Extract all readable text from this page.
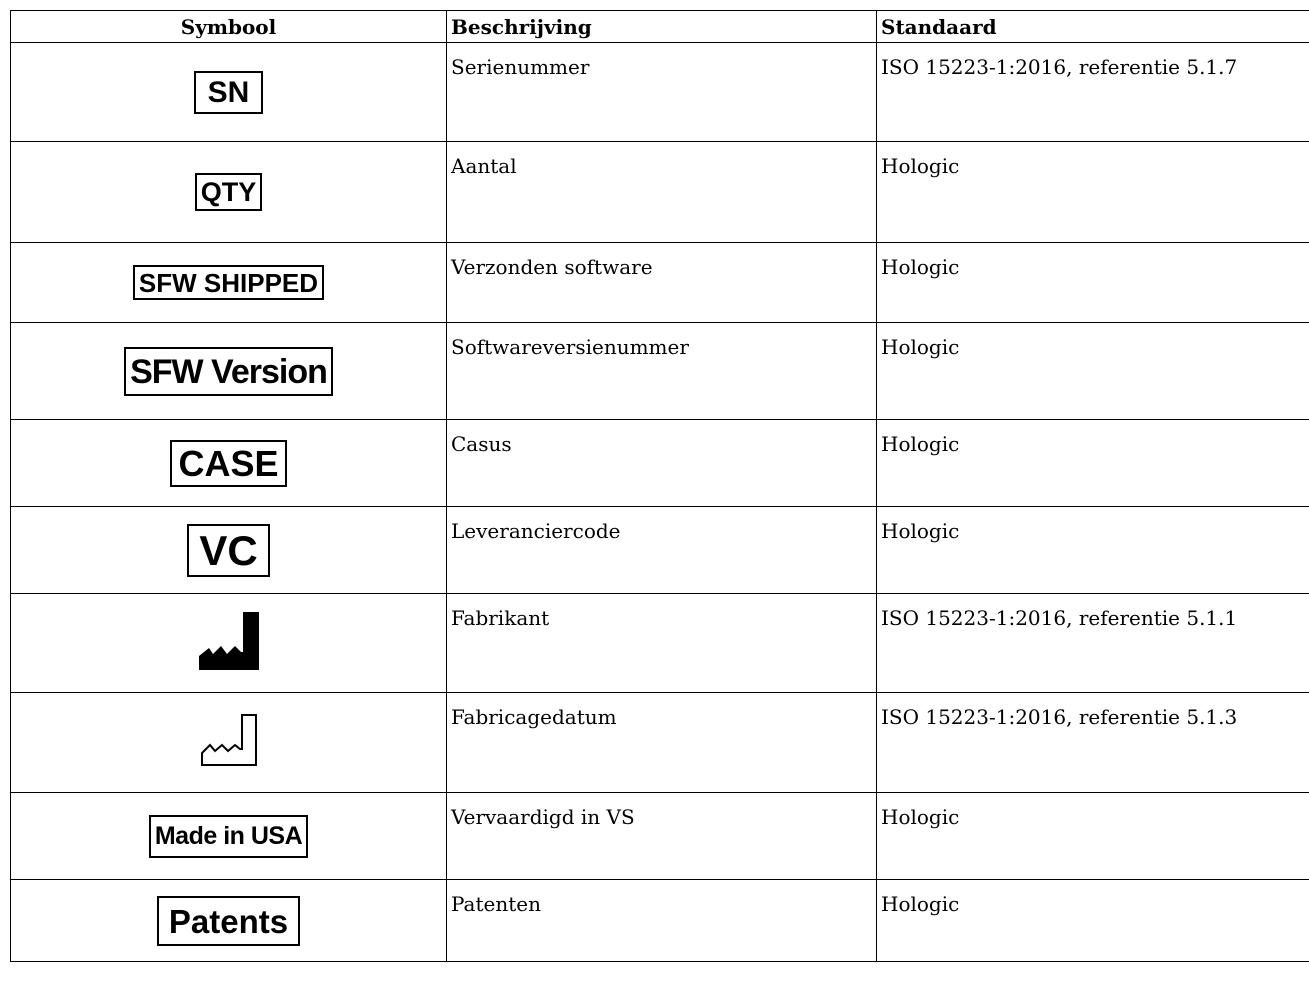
Symbool	Beschrijving	Standaard
SN	Serienummer	ISO 15223-1:2016, referentie 5.1.7
QTY	Aantal	Hologic
SFW SHIPPED	Verzonden software	Hologic
SFW Version	Softwareversienummer	Hologic
CASE	Casus	Hologic
VC	Leveranciercode	Hologic
	Fabrikant	ISO 15223-1:2016, referentie 5.1.1
	Fabricagedatum	ISO 15223-1:2016, referentie 5.1.3
Made in USA	Vervaardigd in VS	Hologic
Patents	Patenten	Hologic
